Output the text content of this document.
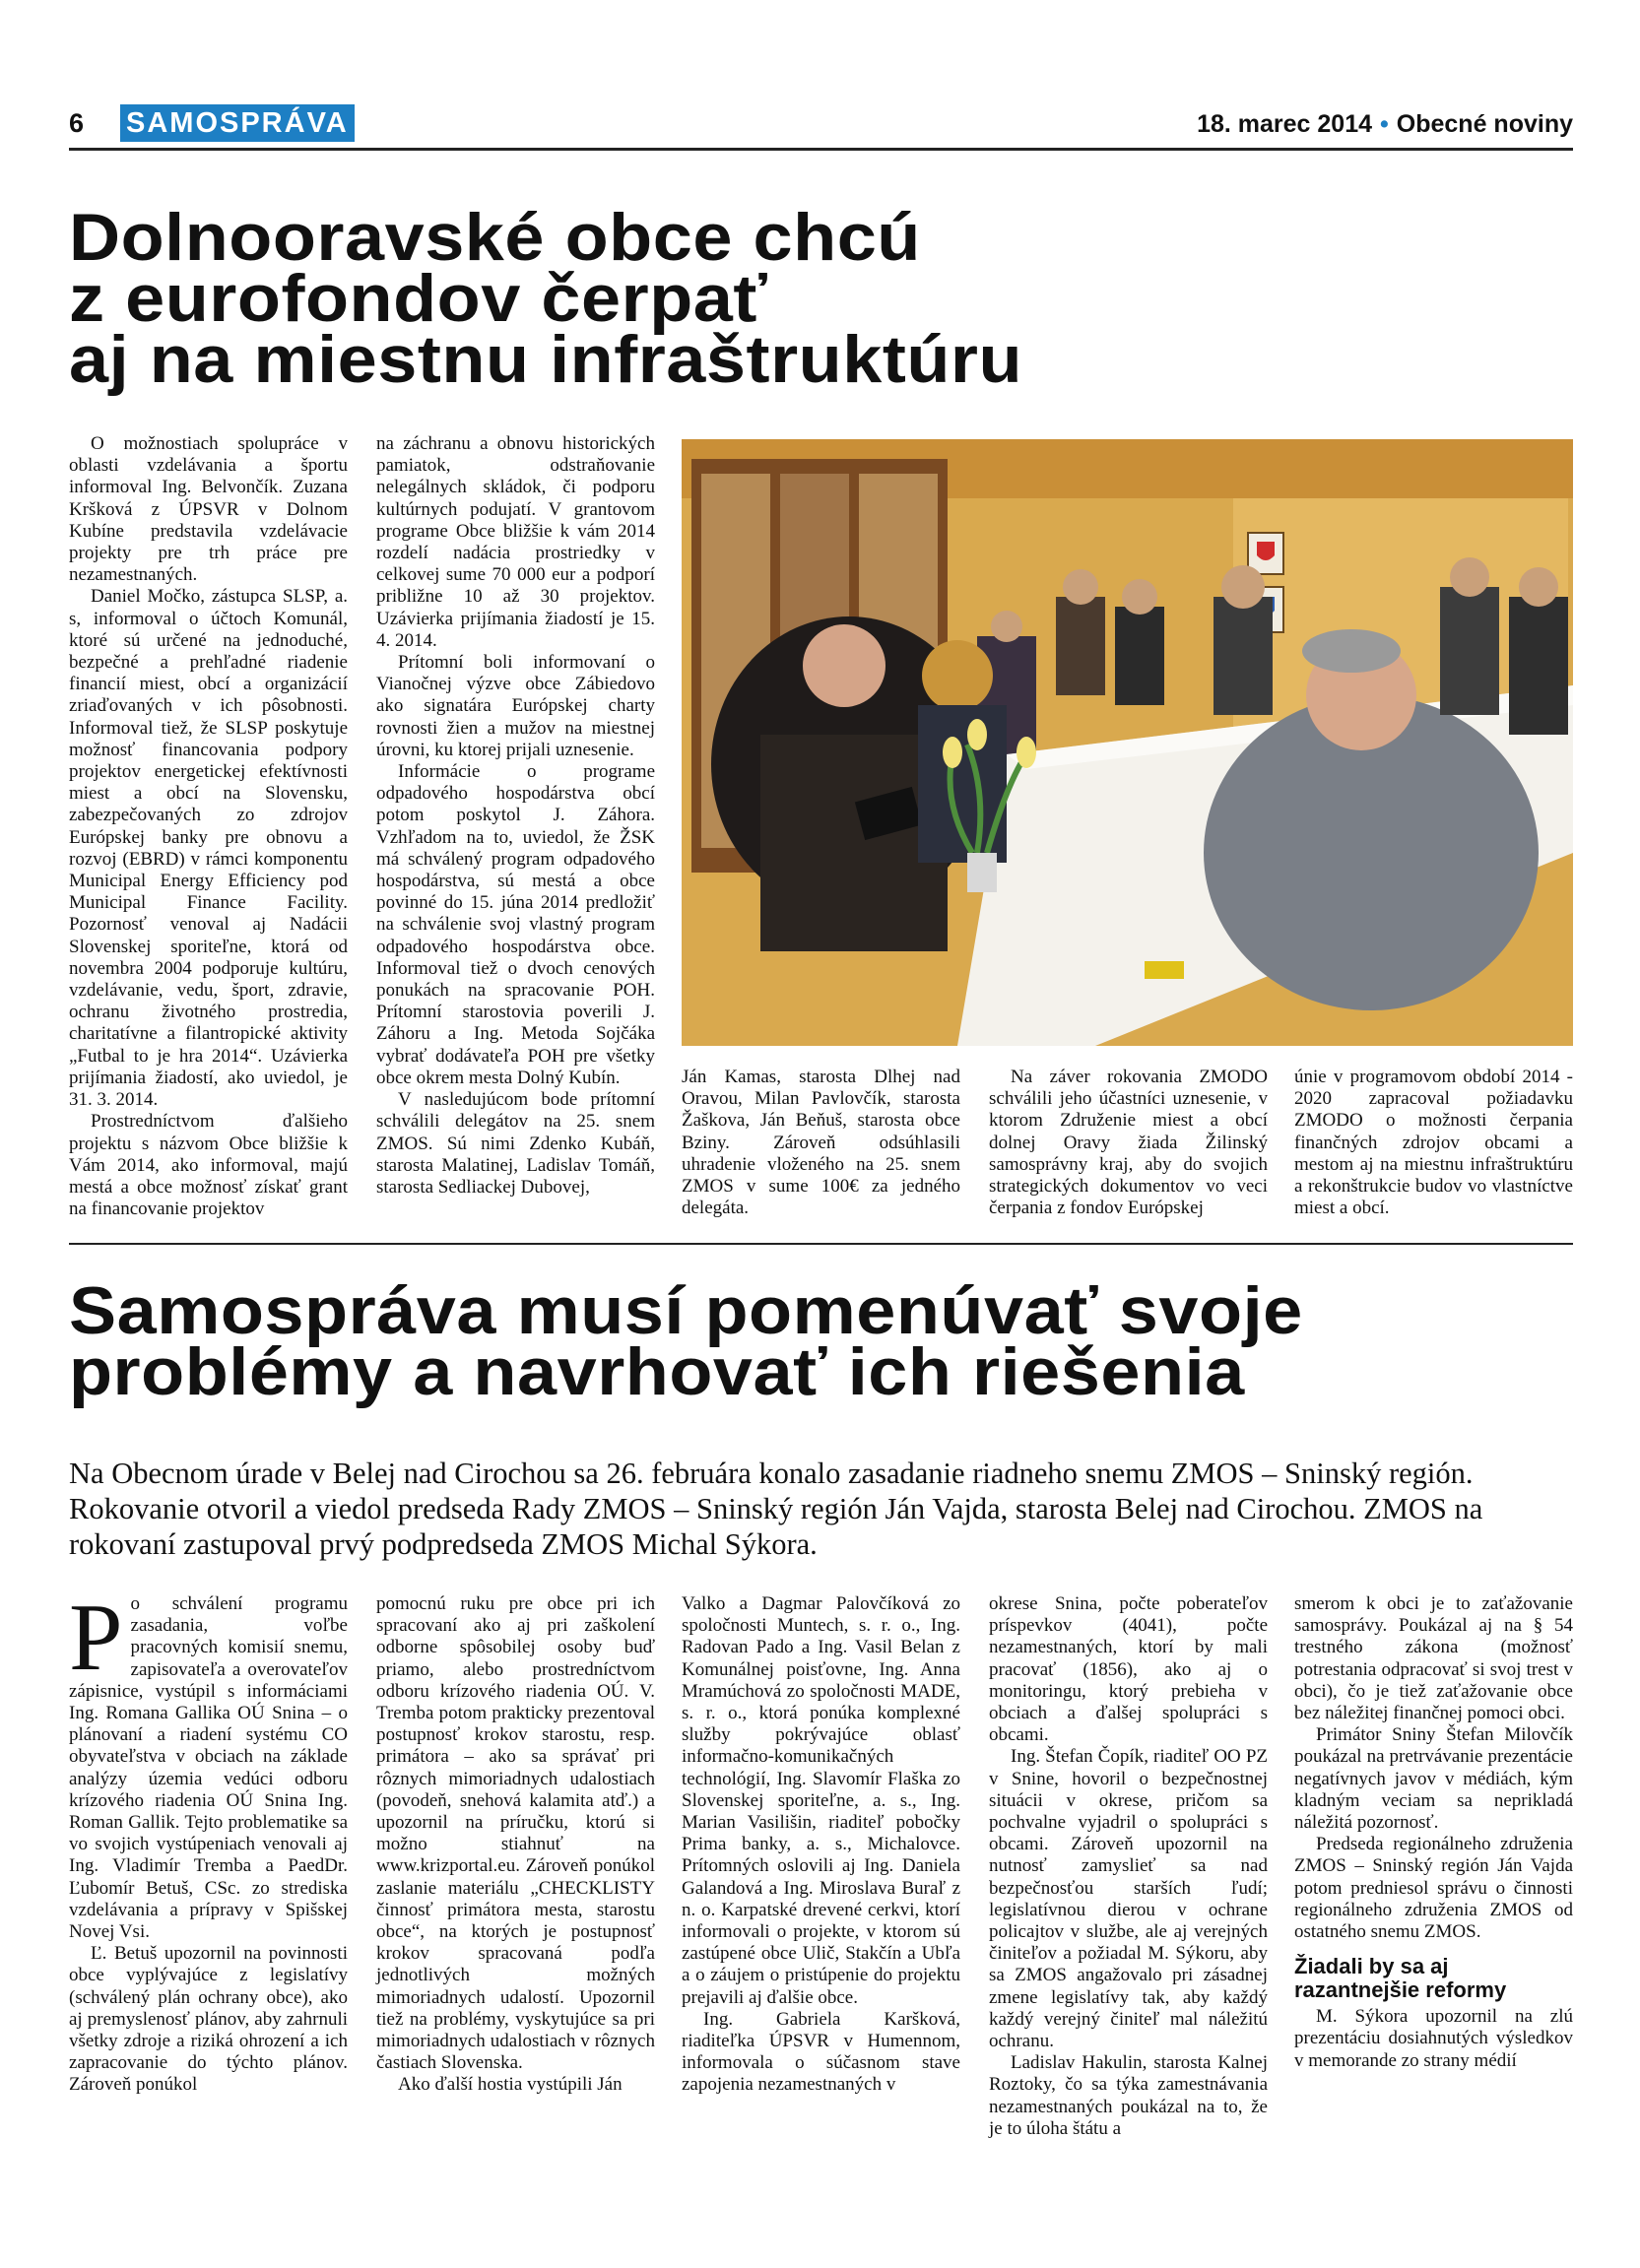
6 SAMOSPRÁVA	18. marec 2014 • Obecné noviny
Dolnooravské obce chcú
z eurofondov čerpať
aj na miestnu infraštruktúru

O možnostiach spolupráce v oblasti vzdelávania a športu informoval Ing. Belvončík. Zuzana Kršková z ÚPSVR v Dolnom Kubíne predstavila vzdelávacie projekty pre trh práce pre nezamestnaných.

Daniel Močko, zástupca SLSP, a. s, informoval o účtoch Komunál, ktoré sú určené na jednoduché, bezpečné a prehľadné riadenie financií miest, obcí a organizácií zriaďovaných v ich pôsobnosti. Informoval tiež, že SLSP poskytuje možnosť financovania podpory projektov energetickej efektívnosti miest a obcí na Slovensku, zabezpečovaných zo zdrojov Európskej banky pre obnovu a rozvoj (EBRD) v rámci komponentu Municipal Energy Efficiency pod Municipal Finance Facility. Pozornosť venoval aj Nadácii Slovenskej sporiteľne, ktorá od novembra 2004 podporuje kultúru, vzdelávanie, vedu, šport, zdravie, ochranu životného prostredia, charitatívne a filantropické aktivity „Futbal to je hra 2014“. Uzávierka prijímania žiadostí, ako uviedol, je 31. 3. 2014.

Prostredníctvom ďalšieho projektu s názvom Obce bližšie k Vám 2014, ako informoval, majú mestá a obce možnosť získať grant na financovanie projektov

na záchranu a obnovu historických pamiatok, odstraňovanie nelegálnych skládok, či podporu kultúrnych podujatí. V grantovom programe Obce bližšie k vám 2014 rozdelí nadácia prostriedky v celkovej sume 70 000 eur a podporí približne 10 až 30 projektov. Uzávierka prijímania žiadostí je 15. 4. 2014.

Prítomní boli informovaní o Vianočnej výzve obce Zábiedovo ako signatára Európskej charty rovnosti žien a mužov na miestnej úrovni, ku ktorej prijali uznesenie.

Informácie o programe odpadového hospodárstva obcí potom poskytol J. Záhora. Vzhľadom na to, uviedol, že ŽSK má schválený program odpadového hospodárstva, sú mestá a obce povinné do 15. júna 2014 predložiť na schválenie svoj vlastný program odpadového hospodárstva obce. Informoval tiež o dvoch cenových ponukách na spracovanie POH. Prítomní starostovia poverili J. Záhoru a Ing. Metoda Sojčáka vybrať dodávateľa POH pre všetky obce okrem mesta Dolný Kubín.

V nasledujúcom bode prítomní schválili delegátov na 25. snem ZMOS. Sú nimi Zdenko Kubáň, starosta Malatinej, Ladislav Tomáň, starosta Sedliackej Dubovej,

Ján Kamas, starosta Dlhej nad Oravou, Milan Pavlovčík, starosta Žaškova, Ján Beňuš, starosta obce Bziny. Zároveň odsúhlasili uhradenie vloženého na 25. snem ZMOS v sume 100€ za jedného delegáta.

Na záver rokovania ZMODO schválili jeho účastníci uznesenie, v ktorom Združenie miest a obcí dolnej Oravy žiada Žilinský samosprávny kraj, aby do svojich strategických dokumentov vo veci čerpania z fondov Európskej

únie v programovom období 2014 - 2020 zapracoval požiadavku ZMODO o možnosti čerpania finančných zdrojov obcami a mestom aj na miestnu infraštruktúru a rekonštrukcie budov vo vlastníctve miest a obcí.

Samospráva musí pomenúvať svoje
problémy a navrhovať ich riešenia
Na Obecnom úrade v Belej nad Cirochou sa 26. februára konalo zasadanie riadneho snemu ZMOS – Sninský región. Rokovanie otvoril a viedol predseda Rady ZMOS – Sninský región Ján Vajda, starosta Belej nad Cirochou. ZMOS na rokovaní zastupoval prvý podpredseda ZMOS Michal Sýkora.

Po schválení programu zasadania, voľbe pracovných komisií snemu, zapisovateľa a overovateľov zápisnice, vystúpil s informáciami Ing. Romana Gallika OÚ Snina – o plánovaní a riadení systému CO obyvateľstva v obciach na základe analýzy územia vedúci odboru krízového riadenia OÚ Snina Ing. Roman Gallik. Tejto problematike sa vo svojich vystúpeniach venovali aj Ing. Vladimír Tremba a PaedDr. Ľubomír Betuš, CSc. zo strediska vzdelávania a prípravy v Spišskej Novej Vsi.

Ľ. Betuš upozornil na povinnosti obce vyplývajúce z legislatívy (schválený plán ochrany obce), ako aj premyslenosť plánov, aby zahrnuli všetky zdroje a riziká ohrození a ich zapracovanie do týchto plánov. Zároveň ponúkol

pomocnú ruku pre obce pri ich spracovaní ako aj pri zaškolení odborne spôsobilej osoby buď priamo, alebo prostredníctvom odboru krízového riadenia OÚ. V. Tremba potom prakticky prezentoval postupnosť krokov starostu, resp. primátora – ako sa správať pri rôznych mimoriadnych udalostiach (povodeň, snehová kalamita atď.) a upozornil na príručku, ktorú si možno stiahnuť na www.krizportal.eu. Zároveň ponúkol zaslanie materiálu „CHECKLISTY činnosť primátora mesta, starostu obce“, na ktorých je postupnosť krokov spracovaná podľa jednotlivých možných mimoriadnych udalostí. Upozornil tiež na problémy, vyskytujúce sa pri mimoriadnych udalostiach v rôznych častiach Slovenska.

Ako ďalší hostia vystúpili Ján

Valko a Dagmar Palovčíková zo spoločnosti Muntech, s. r. o., Ing. Radovan Pado a Ing. Vasil Belan z Komunálnej poisťovne, Ing. Anna Mramúchová zo spoločnosti MADE, s. r. o., ktorá ponúka komplexné služby pokrývajúce oblasť informačno-komunikačných technológií, Ing. Slavomír Flaška zo Slovenskej sporiteľne, a. s., Ing. Marian Vasilišin, riaditeľ pobočky Prima banky, a. s., Michalovce. Prítomných oslovili aj Ing. Daniela Galandová a Ing. Miroslava Buraľ z n. o. Karpatské drevené cerkvi, ktorí informovali o projekte, v ktorom sú zastúpené obce Ulič, Stakčín a Ubľa a o záujem o pristúpenie do projektu prejavili aj ďalšie obce.

Ing. Gabriela Karšková, riaditeľka ÚPSVR v Humennom, informovala o súčasnom stave zapojenia nezamestnaných v

okrese Snina, počte poberateľov príspevkov (4041), počte nezamestnaných, ktorí by mali pracovať (1856), ako aj o monitoringu, ktorý prebieha v obciach a ďalšej spolupráci s obcami.

Ing. Štefan Čopík, riaditeľ OO PZ v Snine, hovoril o bezpečnostnej situácii v okrese, pričom sa pochvalne vyjadril o spolupráci s obcami. Zároveň upozornil na nutnosť zamyslieť sa nad bezpečnosťou starších ľudí; legislatívnou dierou v ochrane policajtov v službe, ale aj verejných činiteľov a požiadal M. Sýkoru, aby sa ZMOS angažovalo pri zásadnej zmene legislatívy tak, aby každý každý verejný činiteľ mal náležitú ochranu.

Ladislav Hakulin, starosta Kalnej Roztoky, čo sa týka zamestnávania nezamestnaných poukázal na to, že je to úloha štátu a

smerom k obci je to zaťažovanie samosprávy. Poukázal aj na § 54 trestného zákona (možnosť potrestania odpracovať si svoj trest v obci), čo je tiež zaťažovanie obce bez náležitej finančnej pomoci obci.

Primátor Sniny Štefan Milovčík poukázal na pretrvávanie prezentácie negatívnych javov v médiách, kým kladným veciam sa neprikladá náležitá pozornosť.

Predseda regionálneho združenia ZMOS – Sninský región Ján Vajda potom predniesol správu o činnosti regionálneho združenia ZMOS od ostatného snemu ZMOS.

Žiadali by sa aj razantnejšie reformy

M. Sýkora upozornil na zlú prezentáciu dosiahnutých výsledkov v memorande zo strany médií
